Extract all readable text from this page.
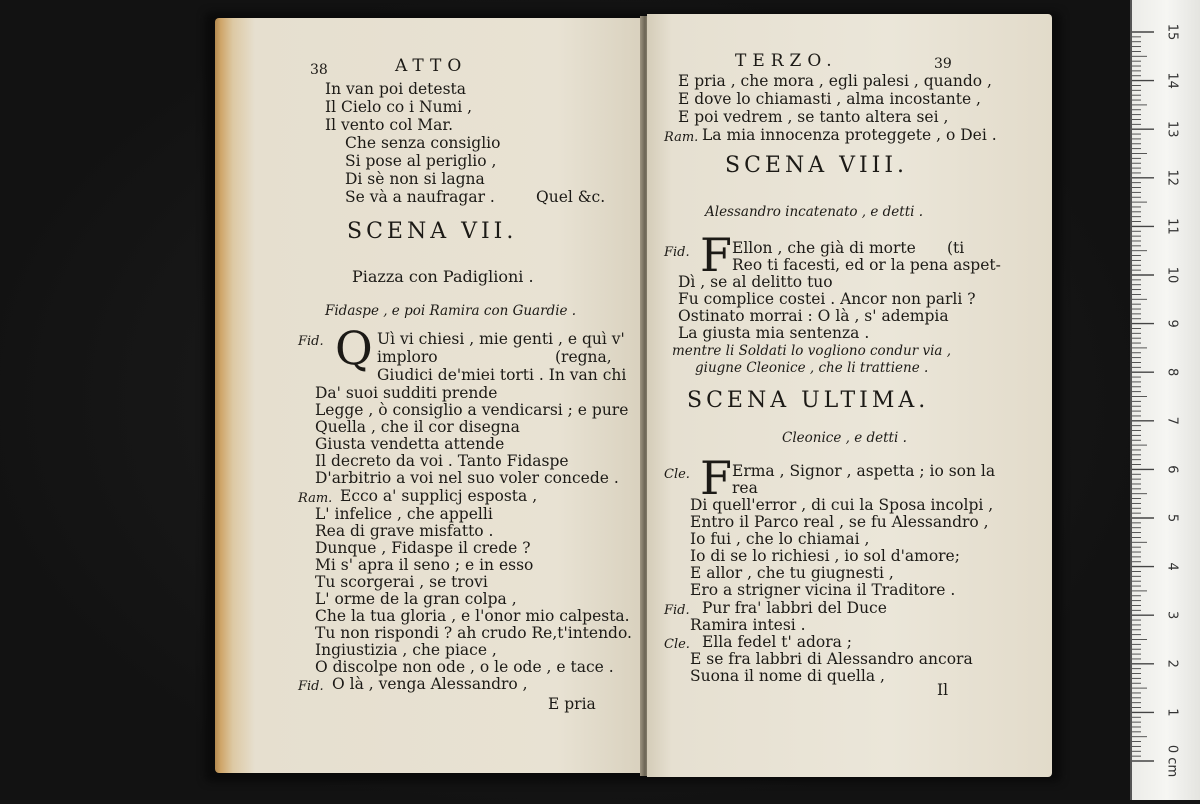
38	ATTO
In van poi detesta
Il Cielo co i Numi ,
Il vento col Mar.
Che senza consiglio
Si pose al periglio ,
Di sè non si lagna
Se và a naufragar .	Quel &c.
SCENA VII.
Piazza con Padiglioni .
Fidaspe , e poi Ramira con Guardie .
Fid. Q Uì vi chiesi , mie genti , e quì v'
imploro	(regna,
Giudici de'miei torti . In van chi
Da' suoi sudditi prende
Legge , ò consiglio a vendicarsi ; e pure
Quella , che il cor disegna
Giusta vendetta attende
Il decreto da voi . Tanto Fidaspe
D'arbitrio a voi nel suo voler concede .
Ram. Ecco a' supplicj esposta ,
L' infelice , che appelli
Rea di grave misfatto .
Dunque , Fidaspe il crede ?
Mi s' apra il seno ; e in esso
Tu scorgerai , se trovi
L' orme de la gran colpa ,
Che la tua gloria , e l'onor mio calpesta.
Tu non rispondi ? ah crudo Re,t'intendo.
Ingiustizia , che piace ,
O discolpe non ode , o le ode , e tace .
Fid. O là , venga Alessandro ,
E pria
TERZO.	39
E pria , che mora , egli palesi , quando ,
E dove lo chiamasti , alma incostante ,
E poi vedrem , se tanto altera sei ,
Ram. La mia innocenza proteggete , o Dei .
SCENA VIII.
Alessandro incatenato , e detti .
Fid. F Ellon , che già di morte (ti
Reo ti facesti, ed or la pena aspet-
Dì , se al delitto tuo
Fu complice costei . Ancor non parli ?
Ostinato morrai : O là , s' adempia
La giusta mia sentenza .
mentre li Soldati lo vogliono condur via ,
giugne Cleonice , che li trattiene .
SCENA ULTIMA.
Cleonice , e detti .
Cle. F Erma , Signor , aspetta ; io son la
rea
Di quell'error , di cui la Sposa incolpi ,
Entro il Parco real , se fu Alessandro ,
Io fui , che lo chiamai ,
Io di se lo richiesi , io sol d'amore;
E allor , che tu giugnesti ,
Ero a strigner vicina il Traditore .
Fid. Pur fra' labbri del Duce
Ramira intesi .
Cle. Ella fedel t' adora ;
E se fra labbri di Alessandro ancora
Suona il nome di quella ,
Il
15
14
13
12
11
10
9
8
7
6
5
4
3
2
1
0 cm
